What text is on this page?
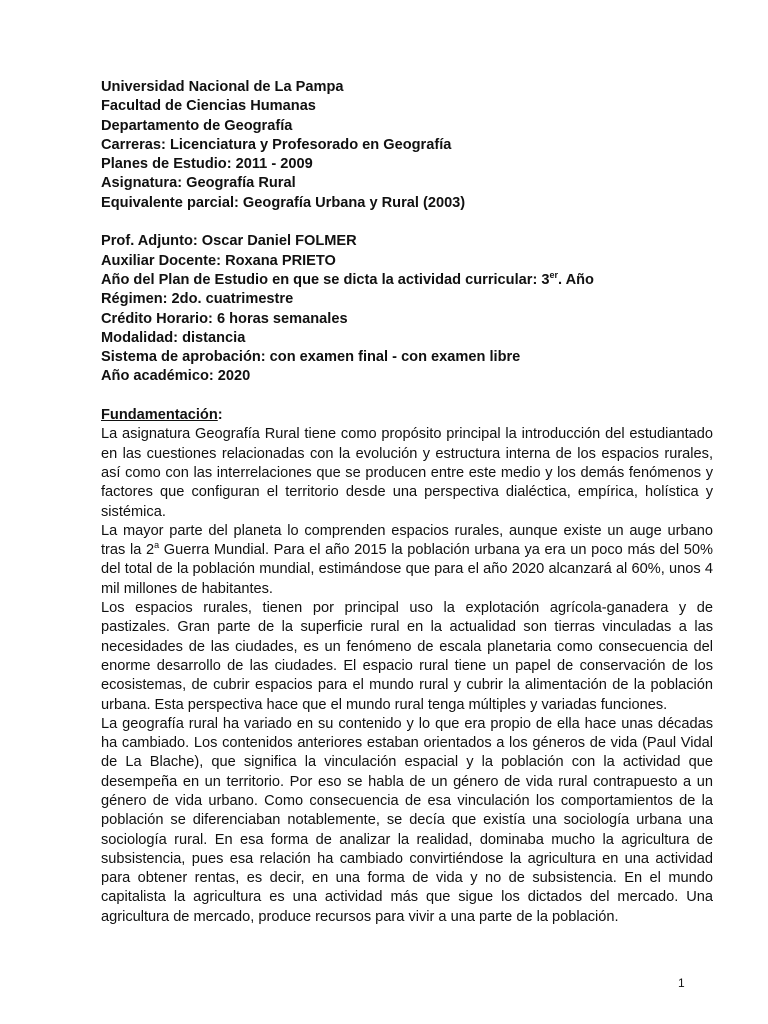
Universidad Nacional de La Pampa
Facultad de Ciencias Humanas
Departamento de Geografía
Carreras: Licenciatura y Profesorado en Geografía
Planes de Estudio: 2011 - 2009
Asignatura: Geografía Rural
Equivalente parcial: Geografía Urbana y Rural (2003)
Prof. Adjunto: Oscar Daniel FOLMER
Auxiliar Docente: Roxana PRIETO
Año del Plan de Estudio en que se dicta la actividad curricular: 3er. Año
Régimen: 2do. cuatrimestre
Crédito Horario: 6 horas semanales
Modalidad: distancia
Sistema de aprobación: con examen final - con examen libre
Año académico: 2020
Fundamentación:

La asignatura Geografía Rural tiene como propósito principal la introducción del estudiantado en las cuestiones relacionadas con la evolución y estructura interna de los espacios rurales, así como con las interrelaciones que se producen entre este medio y los demás fenómenos y factores que configuran el territorio desde una perspectiva dialéctica, empírica, holística y sistémica.

La mayor parte del planeta lo comprenden espacios rurales, aunque existe un auge urbano tras la 2$^a$ Guerra Mundial. Para el año 2015 la población urbana ya era un poco más del 50% del total de la población mundial, estimándose que para el año 2020 alcanzará al 60%, unos 4 mil millones de habitantes.

Los espacios rurales, tienen por principal uso la explotación agrícola-ganadera y de pastizales. Gran parte de la superficie rural en la actualidad son tierras vinculadas a las necesidades de las ciudades, es un fenómeno de escala planetaria como consecuencia del enorme desarrollo de las ciudades. El espacio rural tiene un papel de conservación de los ecosistemas, de cubrir espacios para el mundo rural y cubrir la alimentación de la población urbana. Esta perspectiva hace que el mundo rural tenga múltiples y variadas funciones.

La geografía rural ha variado en su contenido y lo que era propio de ella hace unas décadas ha cambiado. Los contenidos anteriores estaban orientados a los géneros de vida (Paul Vidal de La Blache), que significa la vinculación espacial y la población con la actividad que desempeña en un territorio. Por eso se habla de un género de vida rural contrapuesto a un género de vida urbano. Como consecuencia de esa vinculación los comportamientos de la población se diferenciaban notablemente, se decía que existía una sociología urbana una sociología rural. En esa forma de analizar la realidad, dominaba mucho la agricultura de subsistencia, pues esa relación ha cambiado convirtiéndose la agricultura en una actividad para obtener rentas, es decir, en una forma de vida y no de subsistencia. En el mundo capitalista la agricultura es una actividad más que sigue los dictados del mercado. Una agricultura de mercado, produce recursos para vivir a una parte de la población.

1
